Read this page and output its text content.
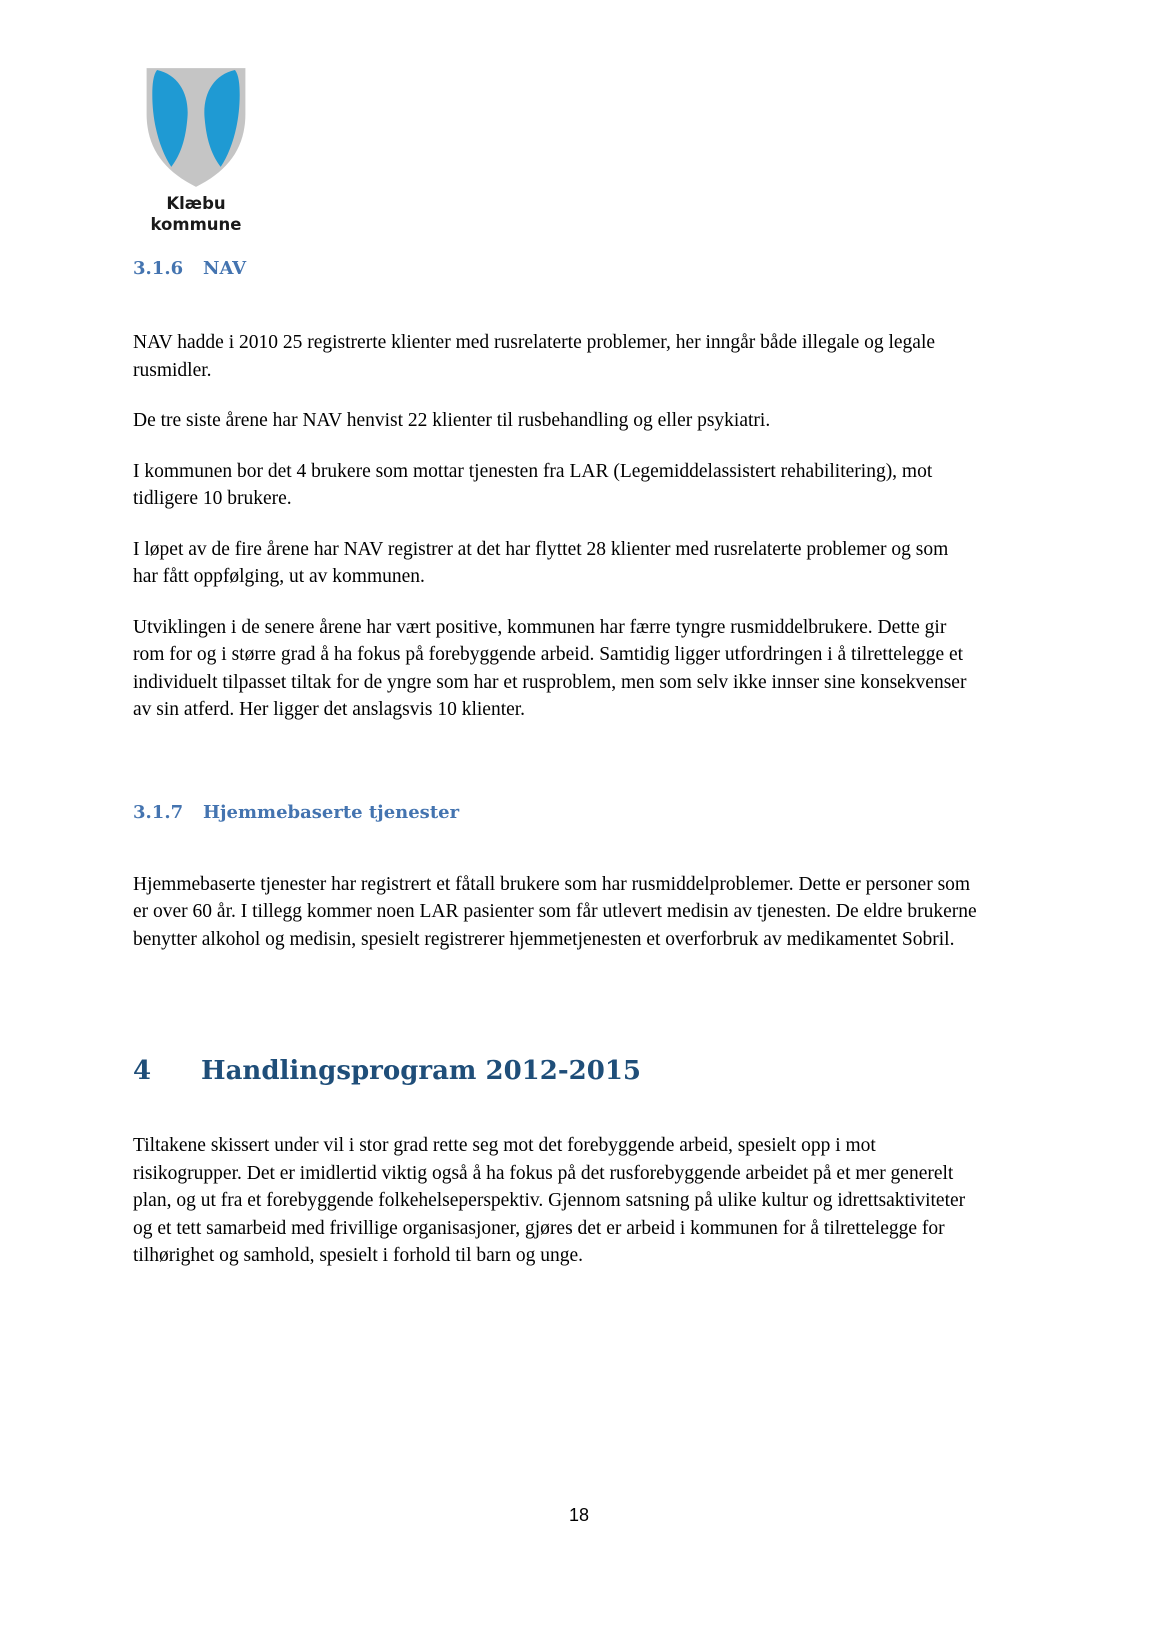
Klæbu
kommune
3.1.6 NAV

NAV hadde i 2010 25 registrerte klienter med rusrelaterte problemer, her inngår både illegale og legale rusmidler.

De tre siste årene har NAV henvist 22 klienter til rusbehandling og eller psykiatri.

I kommunen bor det 4 brukere som mottar tjenesten fra LAR (Legemiddelassistert rehabilitering), mot tidligere 10 brukere.

I løpet av de fire årene har NAV registrer at det har flyttet 28 klienter med rusrelaterte problemer og som har fått oppfølging, ut av kommunen.

Utviklingen i de senere årene har vært positive, kommunen har færre tyngre rusmiddelbrukere. Dette gir rom for og i større grad å ha fokus på forebyggende arbeid. Samtidig ligger utfordringen i å tilrettelegge et individuelt tilpasset tiltak for de yngre som har et rusproblem, men som selv ikke innser sine konsekvenser av sin atferd. Her ligger det anslagsvis 10 klienter.

3.1.7 Hjemmebaserte tjenester

Hjemmebaserte tjenester har registrert et fåtall brukere som har rusmiddelproblemer. Dette er personer som er over 60 år. I tillegg kommer noen LAR pasienter som får utlevert medisin av tjenesten. De eldre brukerne benytter alkohol og medisin, spesielt registrerer hjemmetjenesten et overforbruk av medikamentet Sobril.

4 Handlingsprogram 2012-2015

Tiltakene skissert under vil i stor grad rette seg mot det forebyggende arbeid, spesielt opp i mot risikogrupper. Det er imidlertid viktig også å ha fokus på det rusforebyggende arbeidet på et mer generelt plan, og ut fra et forebyggende folkehelseperspektiv. Gjennom satsning på ulike kultur og idrettsaktiviteter og et tett samarbeid med frivillige organisasjoner, gjøres det er arbeid i kommunen for å tilrettelegge for tilhørighet og samhold, spesielt i forhold til barn og unge.

18
